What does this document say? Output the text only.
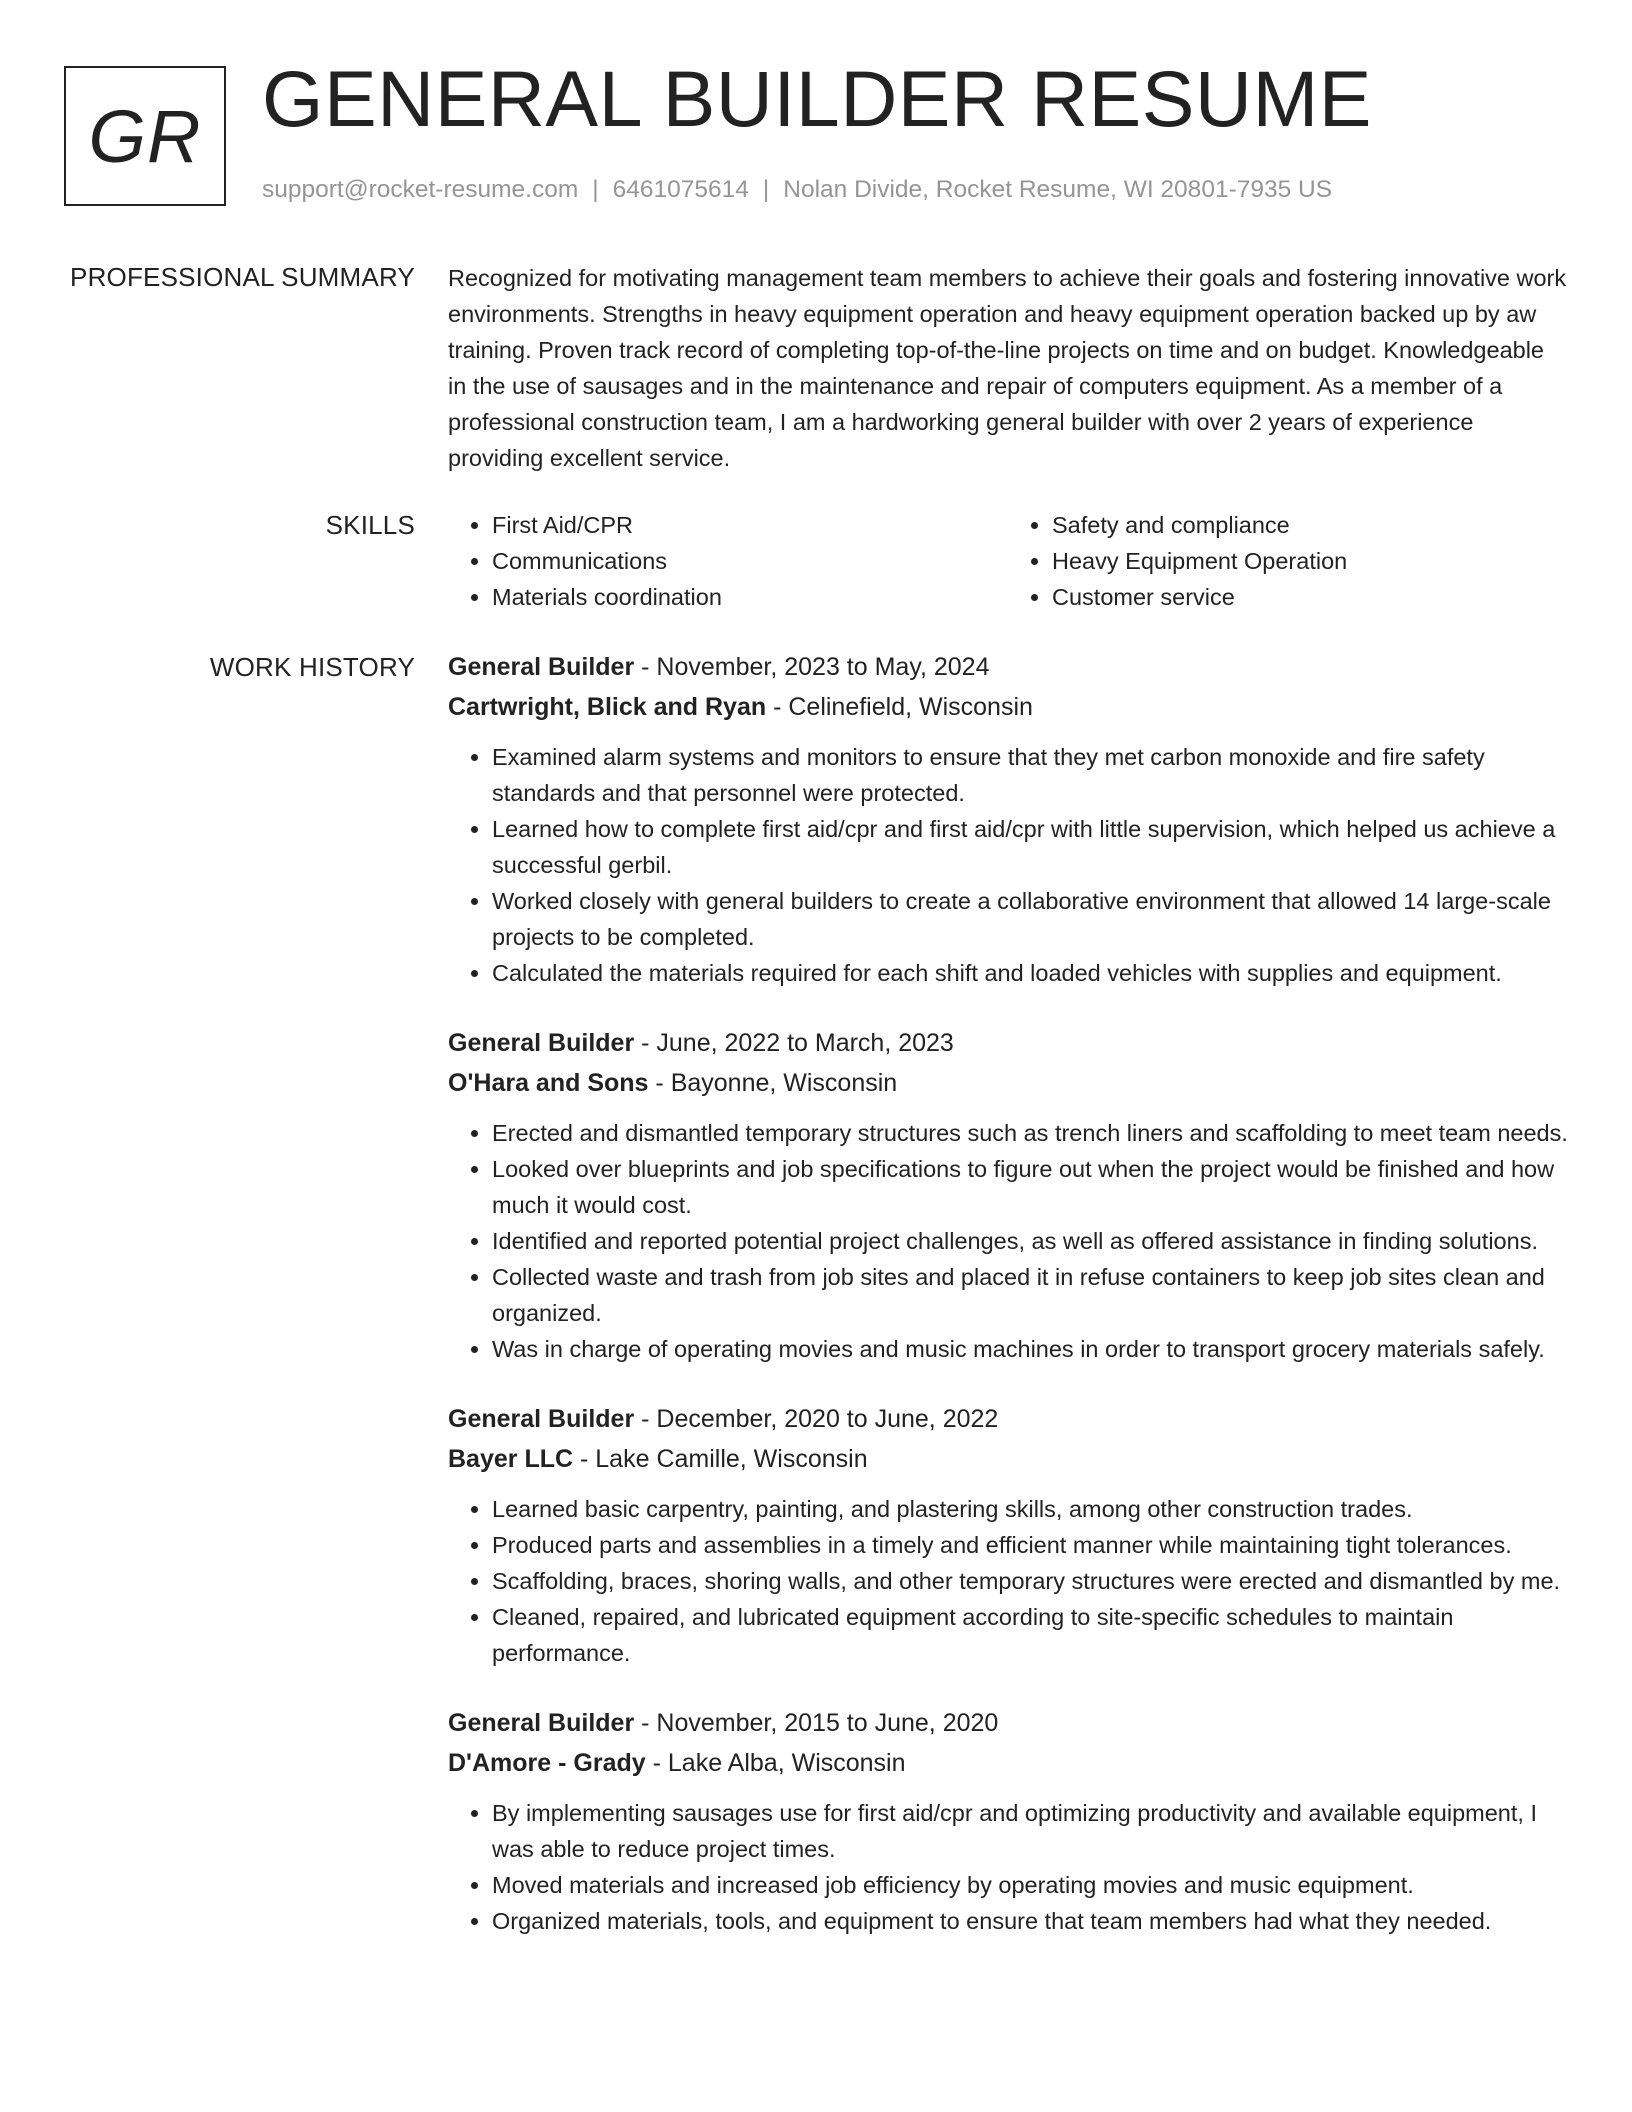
GR GENERAL BUILDER RESUME
support@rocket-resume.com | 6461075614 | Nolan Divide, Rocket Resume, WI 20801-7935 US
PROFESSIONAL SUMMARY Recognized for motivating management team members to achieve their goals and fostering innovative work environments. Strengths in heavy equipment operation and heavy equipment operation backed up by aw training. Proven track record of completing top-of-the-line projects on time and on budget. Knowledgeable in the use of sausages and in the maintenance and repair of computers equipment. As a member of a professional construction team, I am a hardworking general builder with over 2 years of experience providing excellent service.

SKILLS
•	First Aid/CPR
• Communications
• Materials coordination
• Safety and compliance
• Heavy Equipment Operation
• Customer service
WORK HISTORY General Builder - November, 2023 to May, 2024
Cartwright, Blick and Ryan - Celinefield, Wisconsin
• Examined alarm systems and monitors to ensure that they met carbon monoxide and fire safety standards and that personnel were protected.
• Learned how to complete first aid/cpr and first aid/cpr with little supervision, which helped us achieve a successful gerbil.
• Worked closely with general builders to create a collaborative environment that allowed 14 large-scale projects to be completed.
• Calculated the materials required for each shift and loaded vehicles with supplies and equipment.
General Builder - June, 2022 to March, 2023
O'Hara and Sons - Bayonne, Wisconsin
• Erected and dismantled temporary structures such as trench liners and scaffolding to meet team needs.
• Looked over blueprints and job specifications to figure out when the project would be finished and how much it would cost.
• Identified and reported potential project challenges, as well as offered assistance in finding solutions.
• Collected waste and trash from job sites and placed it in refuse containers to keep job sites clean and organized.
• Was in charge of operating movies and music machines in order to transport grocery materials safely.
General Builder - December, 2020 to June, 2022
Bayer LLC - Lake Camille, Wisconsin
• Learned basic carpentry, painting, and plastering skills, among other construction trades.
• Produced parts and assemblies in a timely and efficient manner while maintaining tight tolerances.
• Scaffolding, braces, shoring walls, and other temporary structures were erected and dismantled by me.
• Cleaned, repaired, and lubricated equipment according to site-specific schedules to maintain performance.
General Builder - November, 2015 to June, 2020
D'Amore - Grady - Lake Alba, Wisconsin
• By implementing sausages use for first aid/cpr and optimizing productivity and available equipment, I was able to reduce project times.
• Moved materials and increased job efficiency by operating movies and music equipment.
• Organized materials, tools, and equipment to ensure that team members had what they needed.
